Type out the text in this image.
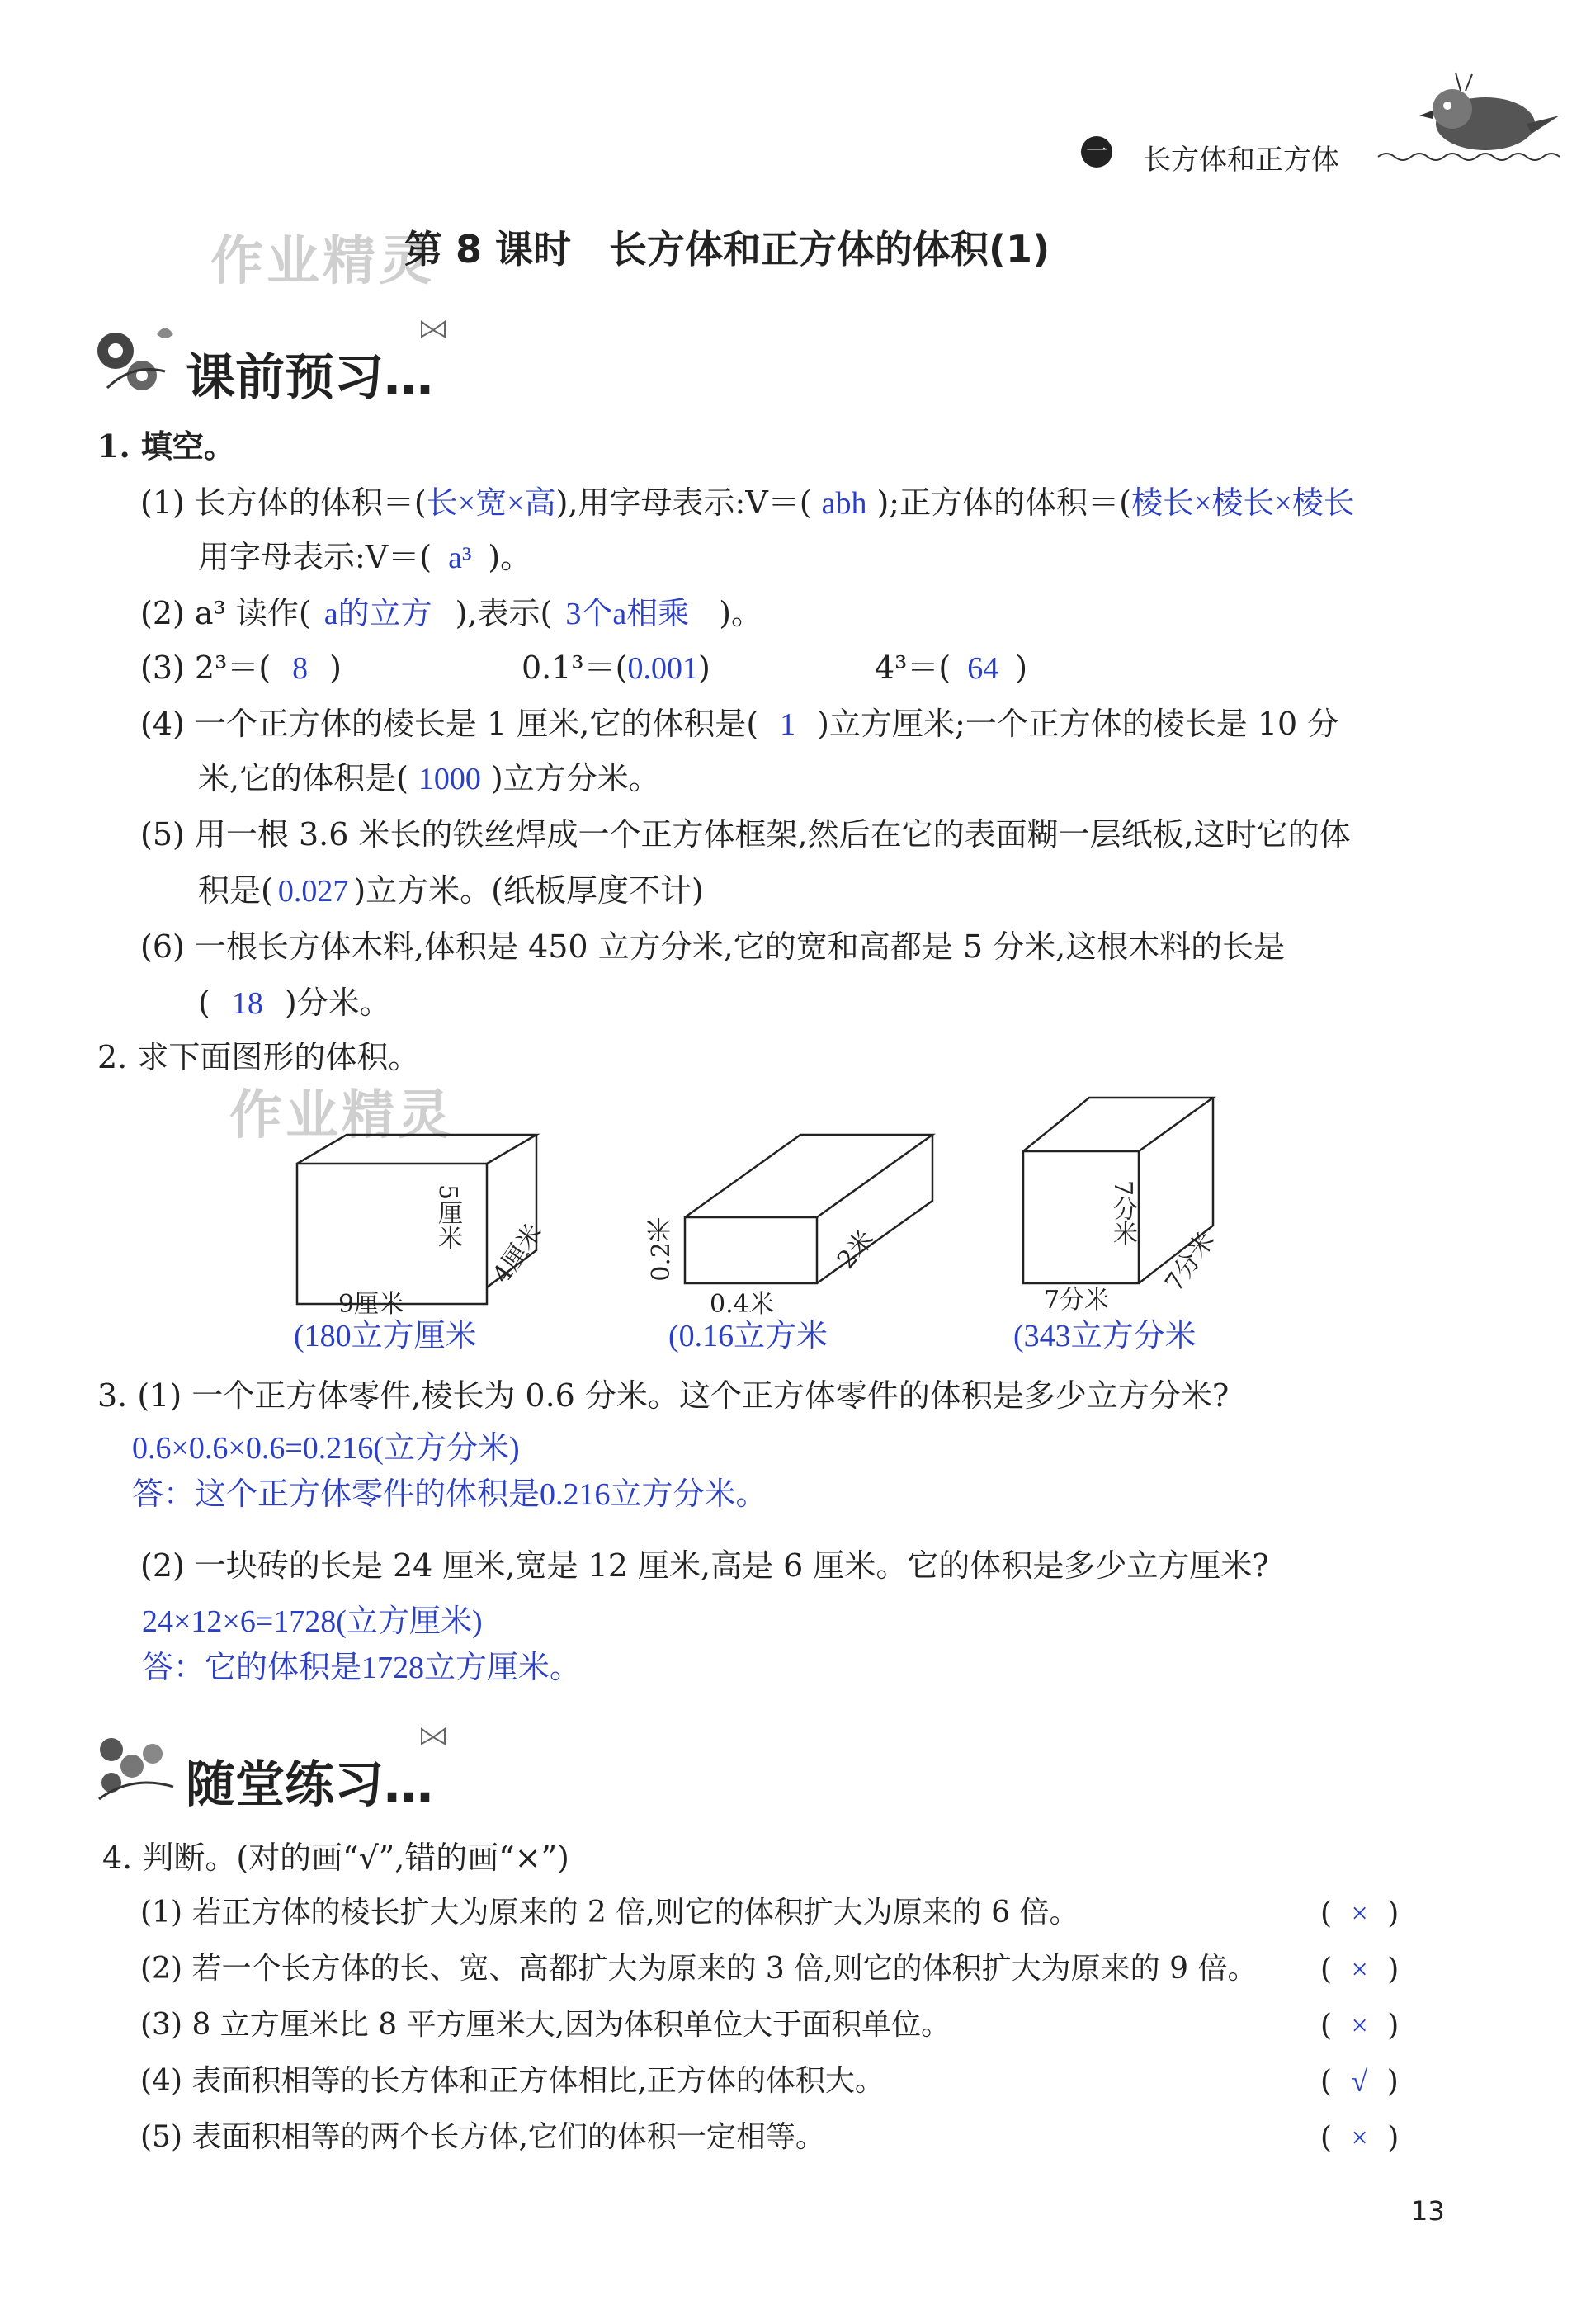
一 长方体和正方体
作业精灵
第 8 课时　长方体和正方体的体积(1)
课前预习…
1. 填空。
(1) 长方体的体积＝(长×宽×高),用字母表示:V＝( abh );正方体的体积＝(棱长×棱长×棱长
用字母表示:V＝( a³ )。
(2) a³ 读作( a的立方 ),表示( 3个a相乘 )。
(3) 2³＝( 8 )	0.1³＝(0.001)	4³＝( 64 )
(4) 一个正方体的棱长是 1 厘米,它的体积是( 1 )立方厘米;一个正方体的棱长是 10 分
米,它的体积是( 1000 )立方分米。
(5) 用一根 3.6 米长的铁丝焊成一个正方体框架,然后在它的表面糊一层纸板,这时它的体
积是( 0.027 )立方米。(纸板厚度不计)
(6) 一根长方体木料,体积是 450 立方分米,它的宽和高都是 5 分米,这根木料的长是
( 18 )分米。
2. 求下面图形的体积。
作业精灵
5厘米
4厘米
9厘米
(180立方厘米
0.2米	2米
0.4米
(0.16立方米
7分米
7分米
7分米
(343立方分米
3. (1) 一个正方体零件,棱长为 0.6 分米。这个正方体零件的体积是多少立方分米?
0.6×0.6×0.6=0.216(立方分米)
答：这个正方体零件的体积是0.216立方分米。
(2) 一块砖的长是 24 厘米,宽是 12 厘米,高是 6 厘米。它的体积是多少立方厘米?
24×12×6=1728(立方厘米)
答：它的体积是1728立方厘米。
随堂练习…
4. 判断。(对的画“√”,错的画“×”)
(1) 若正方体的棱长扩大为原来的 2 倍,则它的体积扩大为原来的 6 倍。	( × )
(2) 若一个长方体的长、宽、高都扩大为原来的 3 倍,则它的体积扩大为原来的 9 倍。 ( × )
(3) 8 立方厘米比 8 平方厘米大,因为体积单位大于面积单位。	( × )
(4) 表面积相等的长方体和正方体相比,正方体的体积大。	( √ )
(5) 表面积相等的两个长方体,它们的体积一定相等。	( × )
13
